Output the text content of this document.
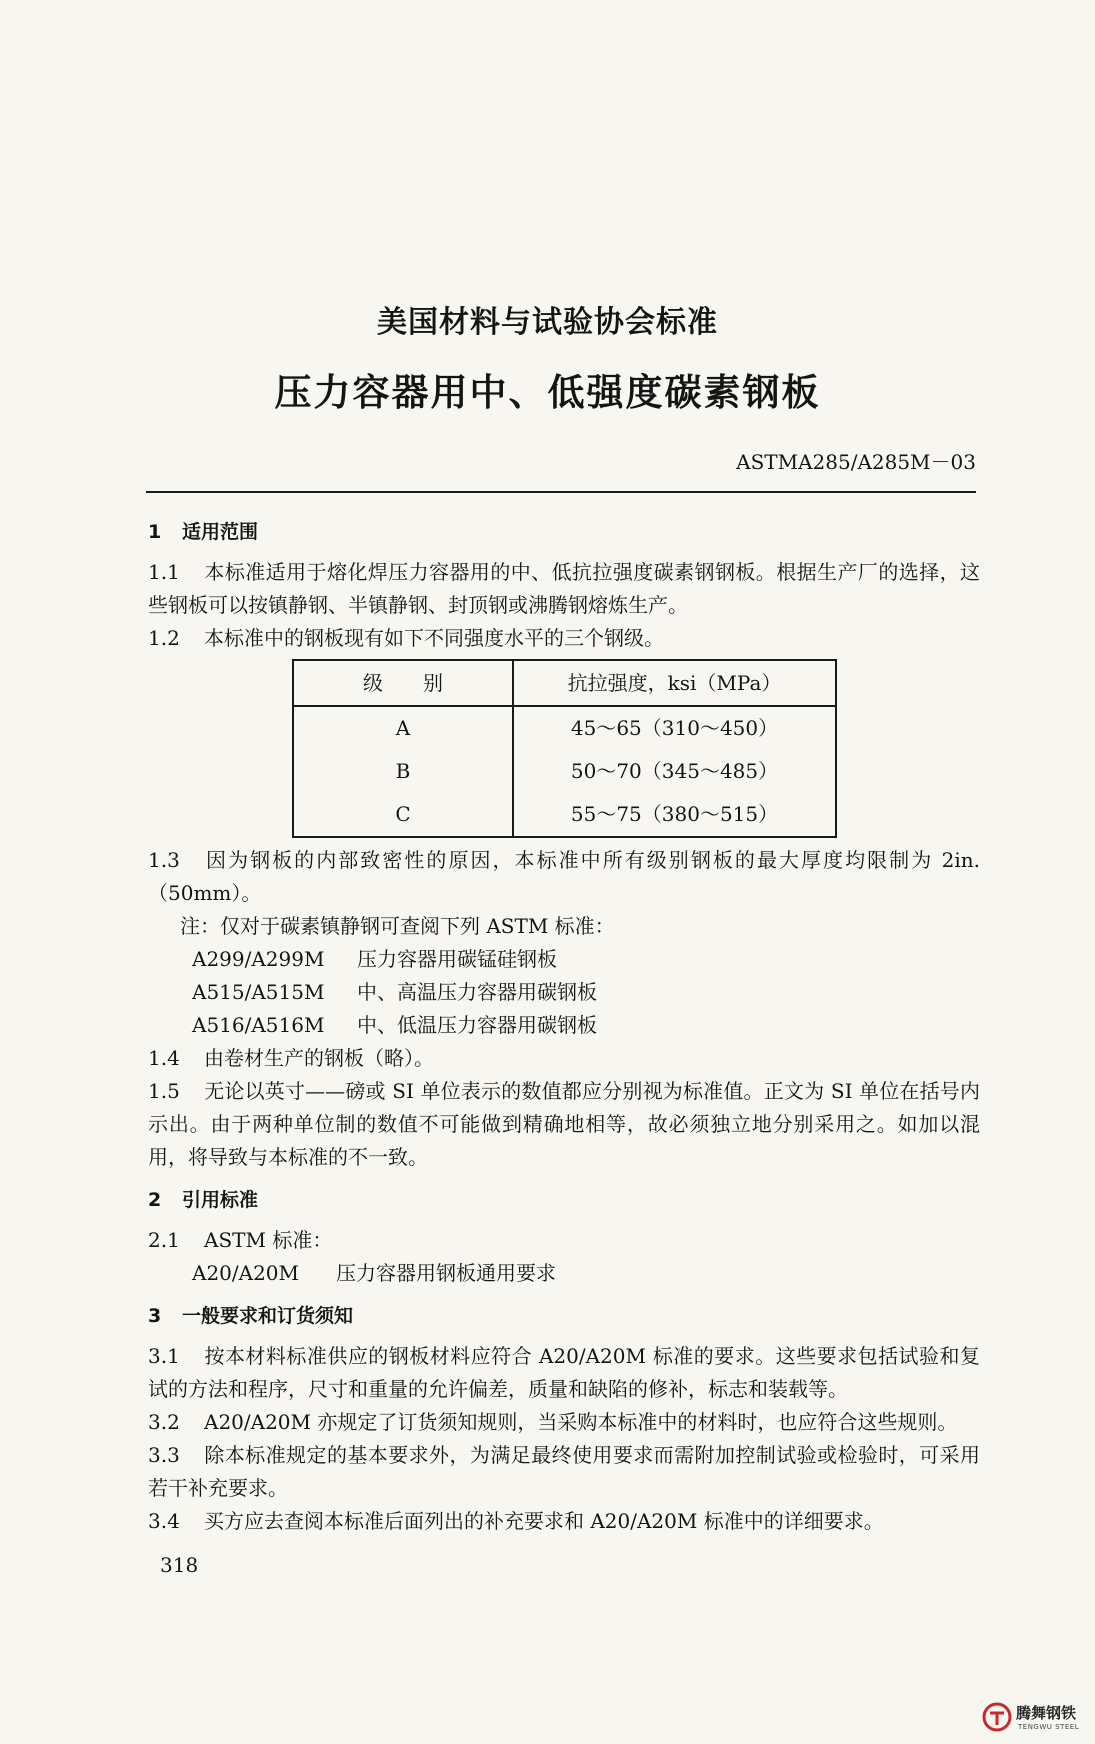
美国材料与试验协会标准
压力容器用中、低强度碳素钢板
ASTMA285/A285M－03
1 适用范围

1.1 本标准适用于熔化焊压力容器用的中、低抗拉强度碳素钢钢板。根据生产厂的选择，这些钢板可以按镇静钢、半镇静钢、封顶钢或沸腾钢熔炼生产。

1.2 本标准中的钢板现有如下不同强度水平的三个钢级。

级　　别	抗拉强度，ksi（MPa）
A	45～65（310～450）
B	50～70（345～485）
C	55～75（380～515）

1.3 因为钢板的内部致密性的原因，本标准中所有级别钢板的最大厚度均限制为 2in.（50mm）。

注：仅对于碳素镇静钢可查阅下列 ASTM 标准：

A299/A299M	压力容器用碳锰硅钢板
A515/A515M	中、高温压力容器用碳钢板
A516/A516M	中、低温压力容器用碳钢板

1.4 由卷材生产的钢板（略）。

1.5 无论以英寸——磅或 SI 单位表示的数值都应分别视为标准值。正文为 SI 单位在括号内示出。由于两种单位制的数值不可能做到精确地相等，故必须独立地分别采用之。如加以混用，将导致与本标准的不一致。

2 引用标准

2.1 ASTM 标准：

A20/A20M	压力容器用钢板通用要求
3 一般要求和订货须知

3.1 按本材料标准供应的钢板材料应符合 A20/A20M 标准的要求。这些要求包括试验和复试的方法和程序，尺寸和重量的允许偏差，质量和缺陷的修补，标志和装载等。

3.2 A20/A20M 亦规定了订货须知规则，当采购本标准中的材料时，也应符合这些规则。

3.3 除本标准规定的基本要求外，为满足最终使用要求而需附加控制试验或检验时，可采用若干补充要求。

3.4 买方应去查阅本标准后面列出的补充要求和 A20/A20M 标准中的详细要求。

318
腾舞钢铁
TENGWU STEEL
